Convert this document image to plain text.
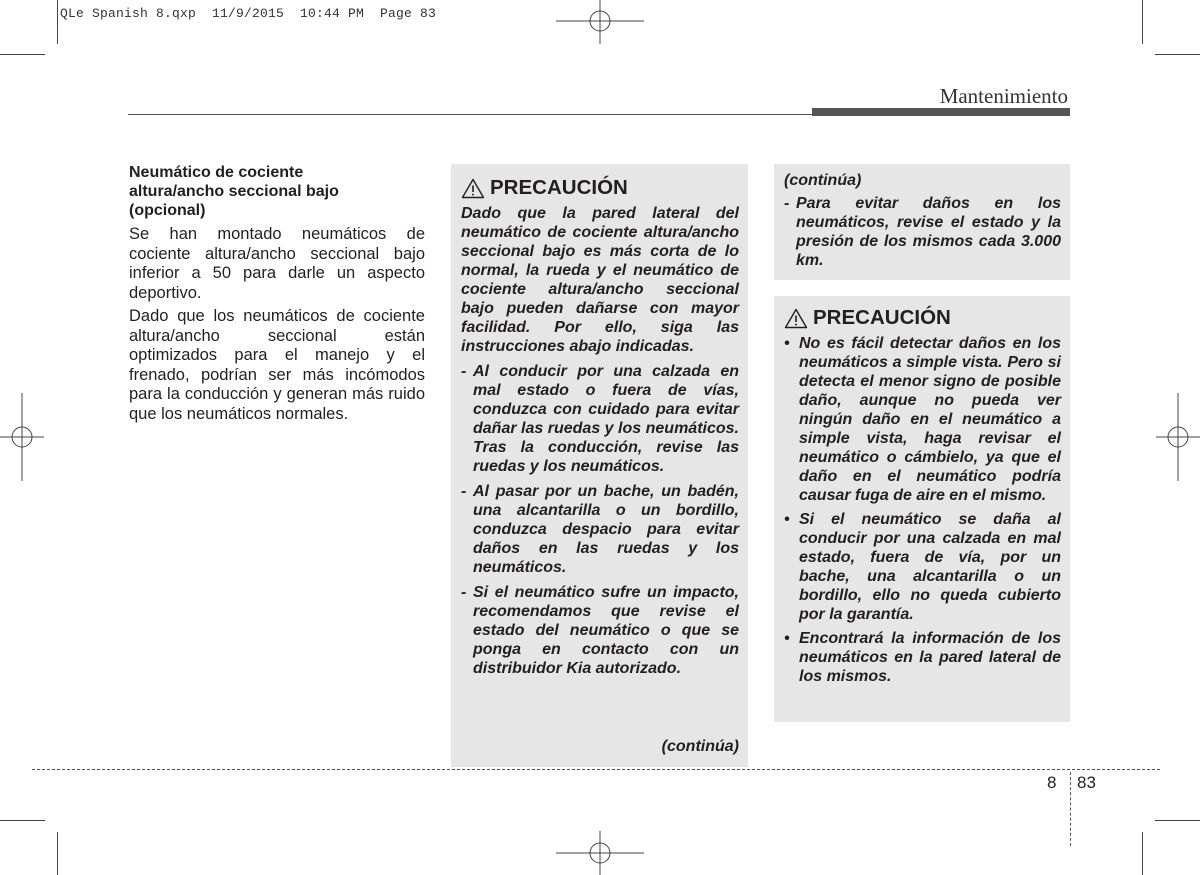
QLe Spanish 8.qxp  11/9/2015  10:44 PM  Page 83
Mantenimiento
Neumático de cociente
altura/ancho seccional bajo
(opcional)

Se han montado neumáticos de cociente altura/ancho seccional bajo inferior a 50 para darle un aspecto deportivo.

Dado que los neumáticos de cociente altura/ancho seccional están optimizados para el manejo y el frenado, podrían ser más incómodos para la conducción y generan más ruido que los neumáticos normales.

PRECAUCIÓN
Dado que la pared lateral del neumático de cociente altura/ancho seccional bajo es más corta de lo normal, la rueda y el neumático de cociente altura/ancho seccional bajo pueden dañarse con mayor facilidad. Por ello, siga las instrucciones abajo indicadas.
- Al conducir por una calzada en mal estado o fuera de vías, conduzca con cuidado para evitar dañar las ruedas y los neumáticos. Tras la conducción, revise las ruedas y los neumáticos.
- Al pasar por un bache, un badén, una alcantarilla o un bordillo, conduzca despacio para evitar daños en las ruedas y los neumáticos.
- Si el neumático sufre un impacto, recomendamos que revise el estado del neumático o que se ponga en contacto con un distribuidor Kia autorizado.
(continúa)
(continúa)
- Para evitar daños en los neumáticos, revise el estado y la presión de los mismos cada 3.000 km.
PRECAUCIÓN
• No es fácil detectar daños en los neumáticos a simple vista. Pero si detecta el menor signo de posible daño, aunque no pueda ver ningún daño en el neumático a simple vista, haga revisar el neumático o cámbielo, ya que el daño en el neumático podría causar fuga de aire en el mismo.
• Si el neumático se daña al conducir por una calzada en mal estado, fuera de vía, por un bache, una alcantarilla o un bordillo, ello no queda cubierto por la garantía.
• Encontrará la información de los neumáticos en la pared lateral de los mismos.
8 83
